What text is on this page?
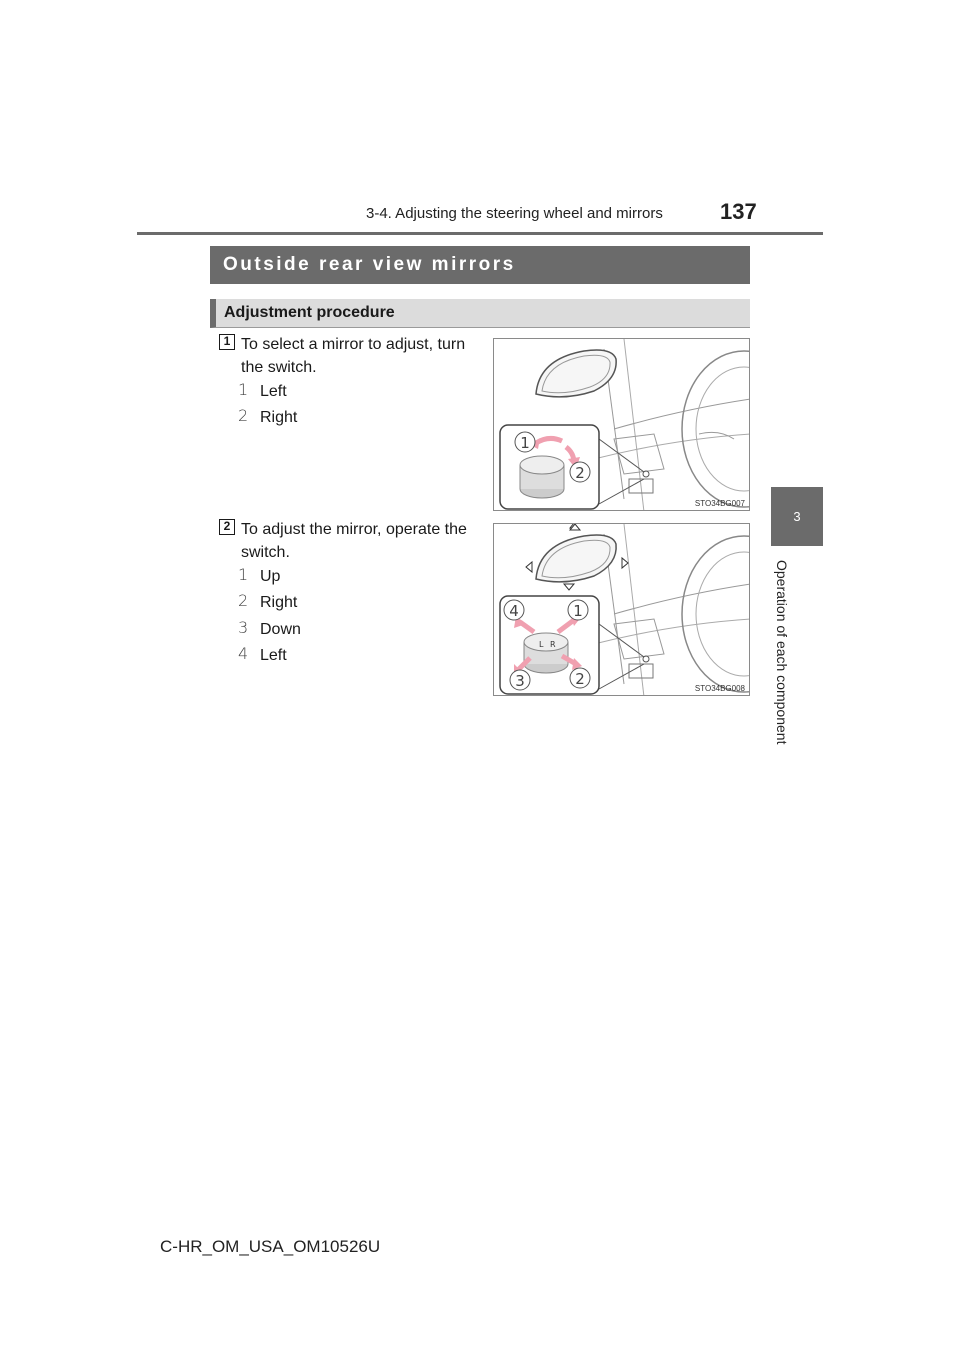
3-4. Adjusting the steering wheel and mirrors	137
3
Operation of each component
Outside rear view mirrors
Adjustment procedure
1 To select a mirror to adjust, turn
the switch.
1 Left
2 Right
1
2
STO34BG007
2 To adjust the mirror, operate the
switch.
1 Up
2 Right
3 Down
4 Left
L R
4	1
2
3	STO34BG008
C-HR_OM_USA_OM10526U
